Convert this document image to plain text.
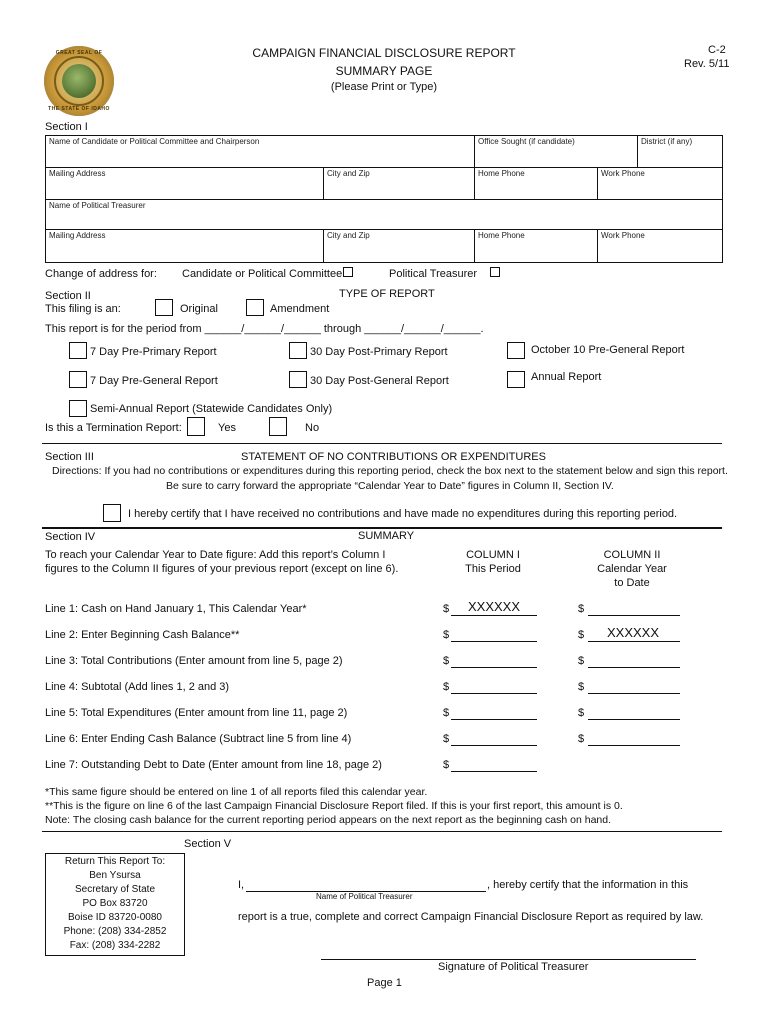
GREAT SEAL OF
THE STATE OF IDAHO
CAMPAIGN FINANCIAL DISCLOSURE REPORT
SUMMARY PAGE
(Please Print or Type)
C-2
Rev. 5/11
Section I
Name of Candidate or Political Committee and Chairperson	Office Sought (if candidate)	District (if any)
Mailing Address	City and Zip	Home Phone	Work Phone
Name of Political Treasurer
Mailing Address	City and Zip	Home Phone	Work Phone
Change of address for: Candidate or Political Committee	Political Treasurer
Section II	TYPE OF REPORT
This filing is an:	Original	Amendment
This report is for the period from ______/______/______ through ______/______/______.
7 Day Pre-Primary Report	30 Day Post-Primary Report	October 10 Pre-General Report
7 Day Pre-General Report	30 Day Post-General Report	Annual Report
Semi-Annual Report (Statewide Candidates Only)
Is this a Termination Report:	Yes	No
Section III	STATEMENT OF NO CONTRIBUTIONS OR EXPENDITURES
Directions: If you had no contributions or expenditures during this reporting period, check the box next to the statement below and sign this report.
Be sure to carry forward the appropriate “Calendar Year to Date” figures in Column II, Section IV.
I hereby certify that I have received no contributions and have made no expenditures during this reporting period.
Section IV	SUMMARY
To reach your Calendar Year to Date figure: Add this report’s Column I
figures to the Column II figures of your previous report (except on line 6).
COLUMN I
This Period
COLUMN II
Calendar Year
to Date
Line 1: Cash on Hand January 1, This Calendar Year*	$ XXXXXX	$
Line 2: Enter Beginning Cash Balance**	$	$ XXXXXX
Line 3: Total Contributions (Enter amount from line 5, page 2)	$	$
Line 4: Subtotal (Add lines 1, 2 and 3)	$	$
Line 5: Total Expenditures (Enter amount from line 11, page 2)	$	$
Line 6: Enter Ending Cash Balance (Subtract line 5 from line 4)	$	$
Line 7: Outstanding Debt to Date (Enter amount from line 18, page 2)	$
*This same figure should be entered on line 1 of all reports filed this calendar year.
**This is the figure on line 6 of the last Campaign Financial Disclosure Report filed. If this is your first report, this amount is 0.
Note: The closing cash balance for the current reporting period appears on the next report as the beginning cash on hand.
Section V
Return This Report To:
Ben Ysursa
Secretary of State
PO Box 83720
Boise ID 83720-0080
Phone: (208) 334-2852
Fax: (208) 334-2282
I,	, hereby certify that the information in this
Name of Political Treasurer
report is a true, complete and correct Campaign Financial Disclosure Report as required by law.
Signature of Political Treasurer
Page 1
